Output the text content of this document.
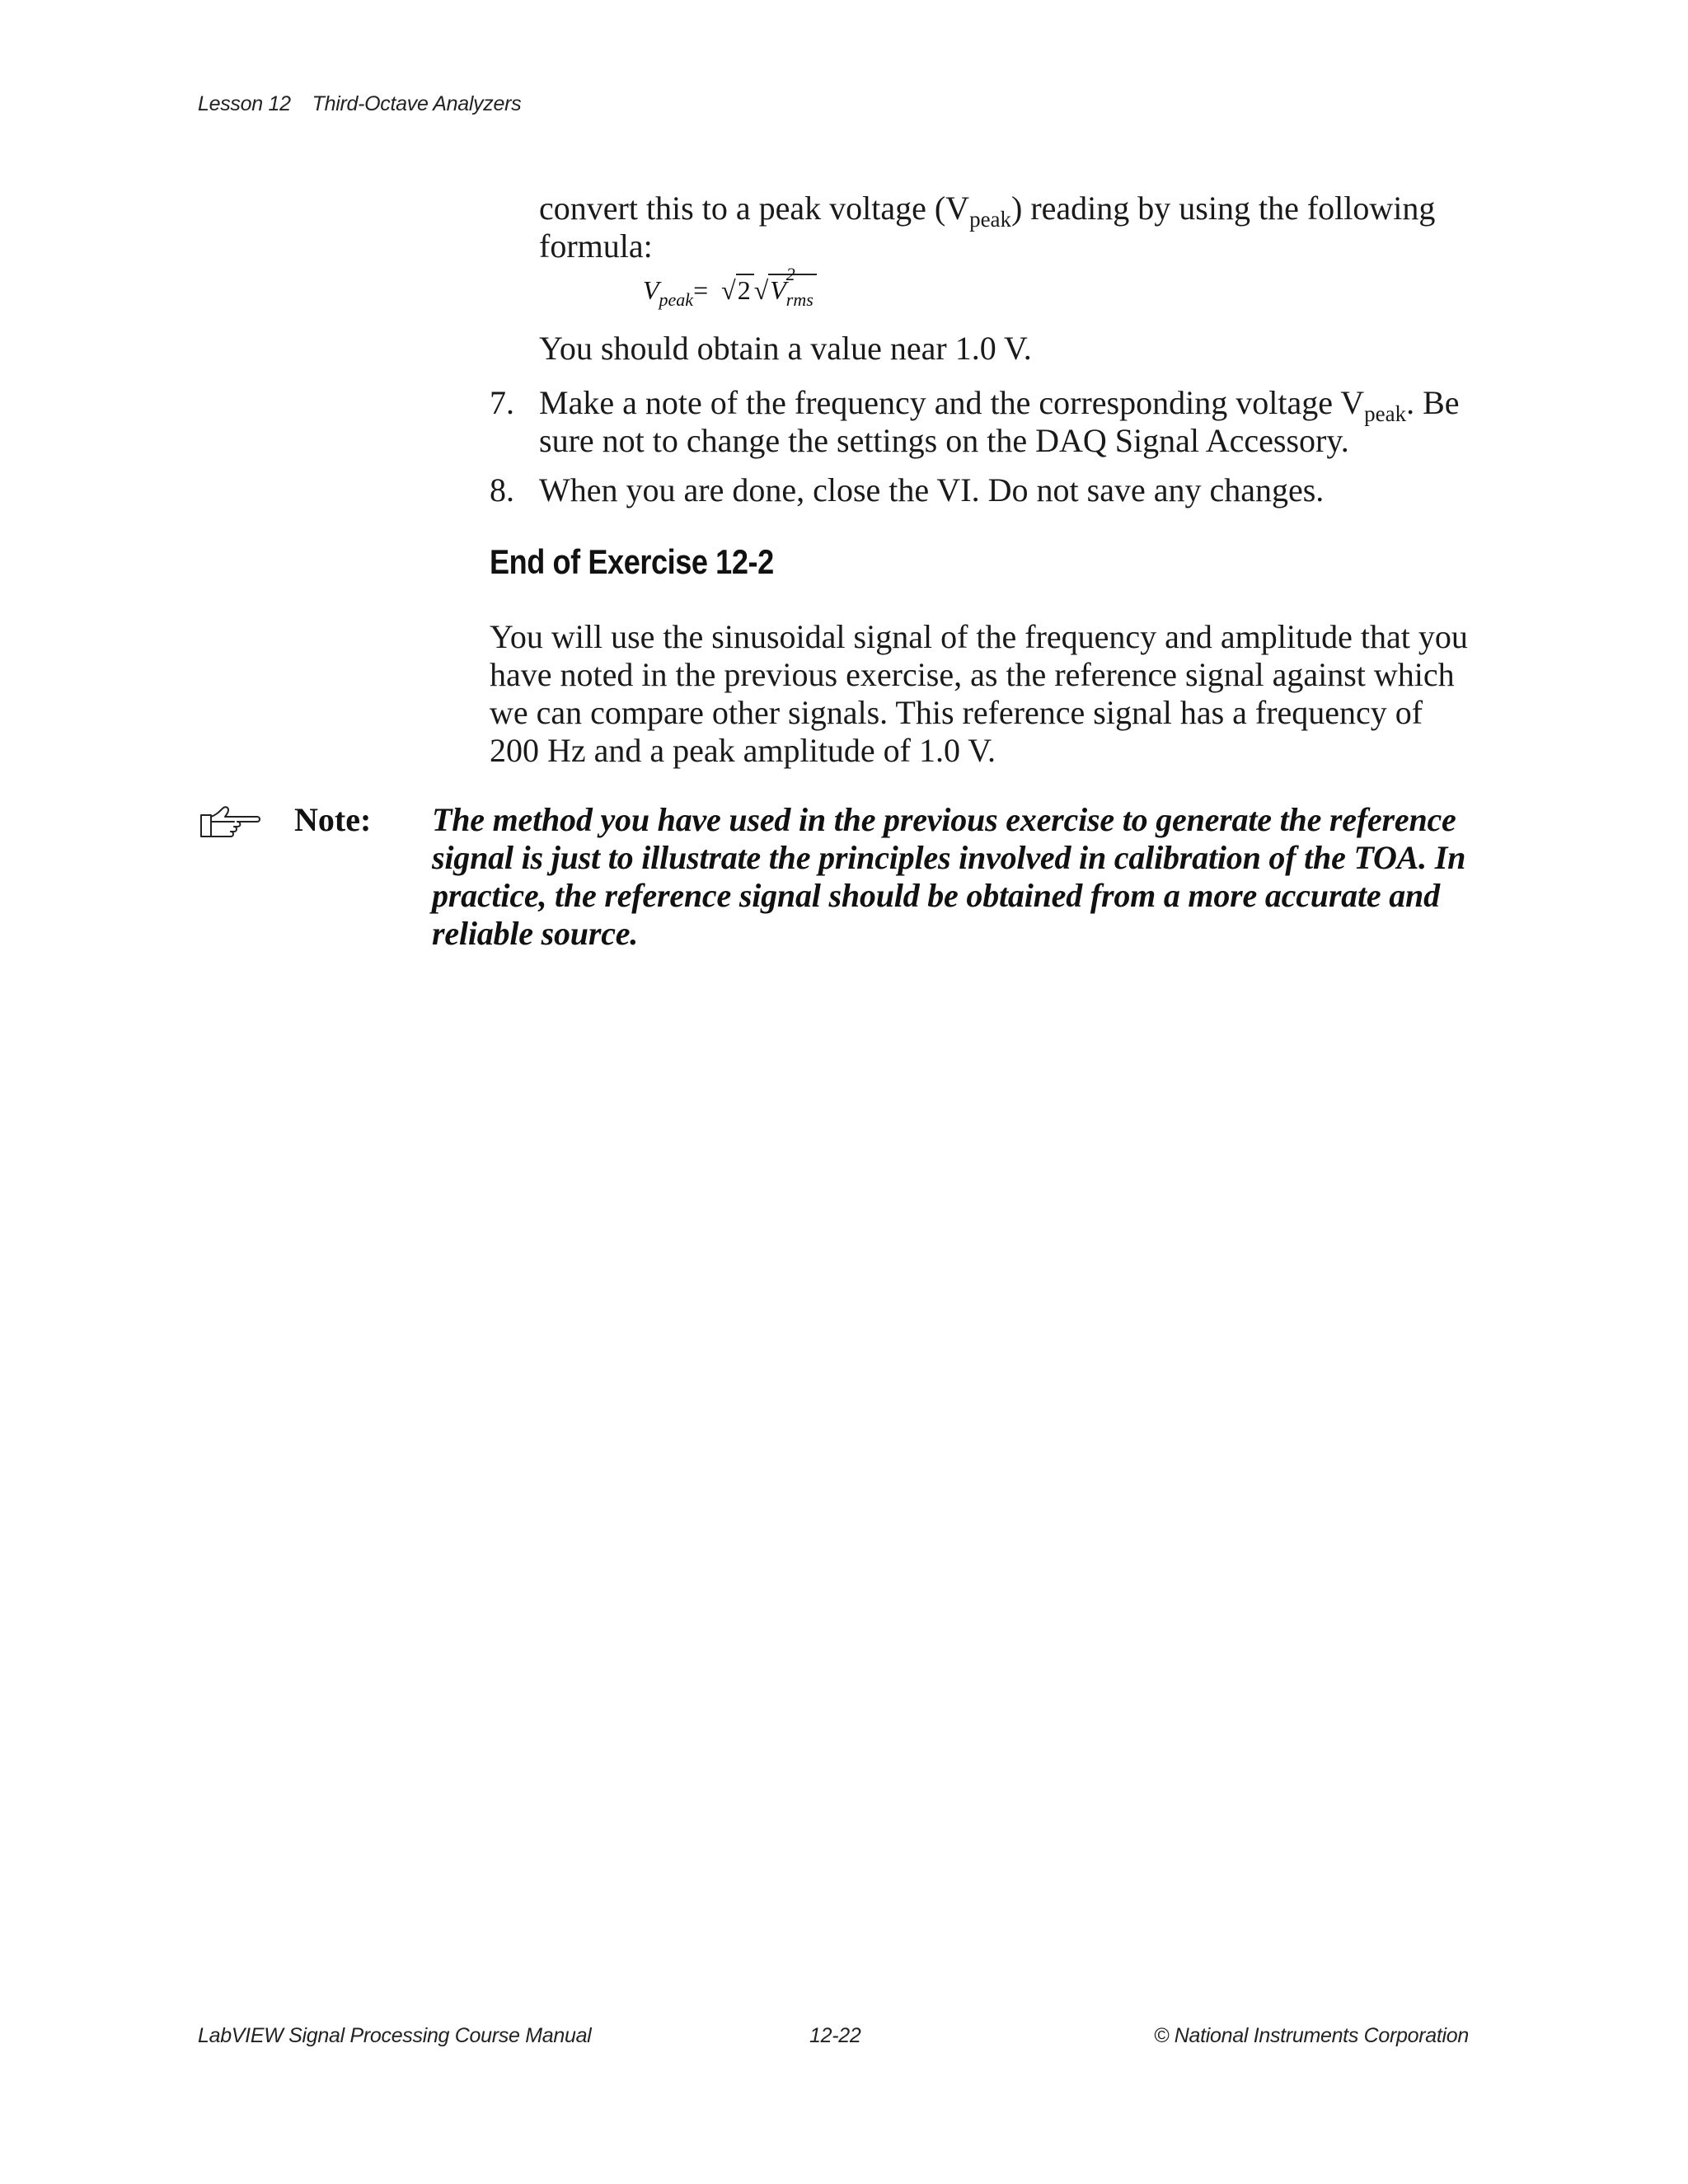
Lesson 12 Third-Octave Analyzers
convert this to a peak voltage $(V_{peak})$ reading by using the following formula:
$V_{peak}= √2$ √V
2
$_{rms}$
You should obtain a value near 1.0 V.
7. Make a note of the frequency and the corresponding voltage $V_{peak}$. Be sure not to change the settings on the DAQ Signal Accessory.
8. When you are done, close the VI. Do not save any changes.
End of Exercise 12-2
You will use the sinusoidal signal of the frequency and amplitude that you have noted in the previous exercise, as the reference signal against which we can compare other signals. This reference signal has a frequency of 200 Hz and a peak amplitude of 1.0 V.
Note: The method you have used in the previous exercise to generate the reference signal is just to illustrate the principles involved in calibration of the TOA. In practice, the reference signal should be obtained from a more accurate and reliable source.
LabVIEW Signal Processing Course Manual	12-22	© National Instruments Corporation
